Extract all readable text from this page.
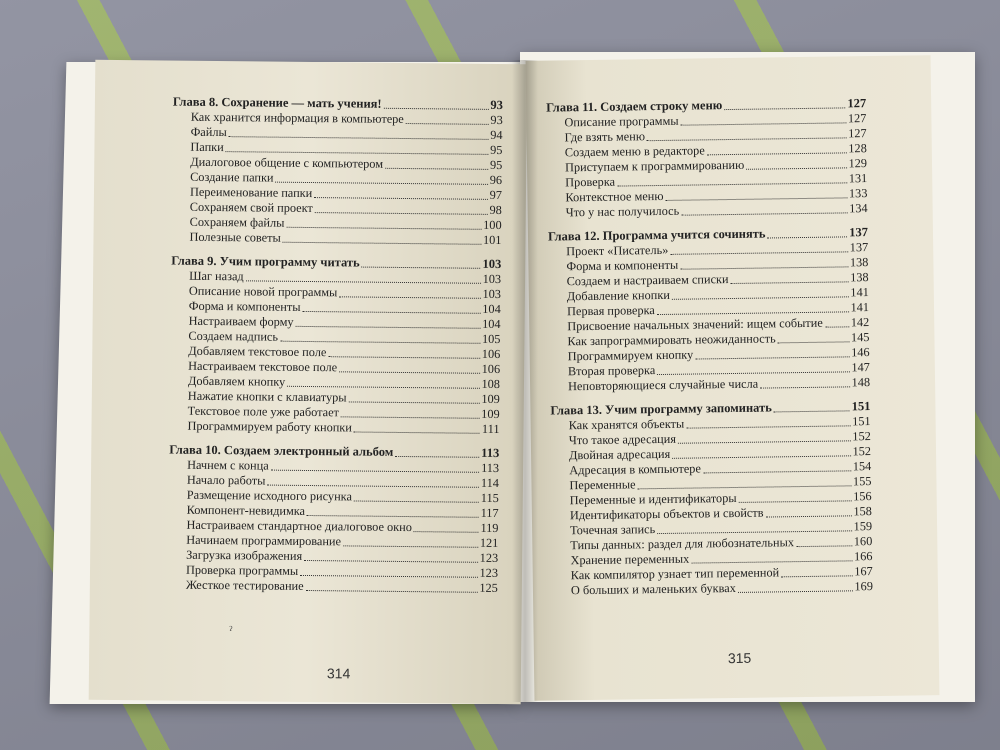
Глава 8. Сохранение — мать учения!	93
Как хранится информация в компьютере	93
Файлы	94
Папки	95
Диалоговое общение с компьютером	95
Создание папки	96
Переименование папки	97
Сохраняем свой проект	98
Сохраняем файлы	100
Полезные советы	101
Глава 9. Учим программу читать	103
Шаг назад	103
Описание новой программы	103
Форма и компоненты	104
Настраиваем форму	104
Создаем надпись	105
Добавляем текстовое поле	106
Настраиваем текстовое поле	106
Добавляем кнопку	108
Нажатие кнопки с клавиатуры	109
Текстовое поле уже работает	109
Программируем работу кнопки	111
Глава 10. Создаем электронный альбом	113
Начнем с конца	113
Начало работы	114
Размещение исходного рисунка	115
Компонент-невидимка	117
Настраиваем стандартное диалоговое окно	119
Начинаем программирование	121
Загрузка изображения	123
Проверка программы	123
Жесткое тестирование	125
ˀ
314
Глава 11. Создаем строку меню	127
Описание программы	127
Где взять меню	127
Создаем меню в редакторе	128
Приступаем к программированию	129
Проверка	131
Контекстное меню	133
Что у нас получилось	134
Глава 12. Программа учится сочинять	137
Проект «Писатель»	137
Форма и компоненты	138
Создаем и настраиваем списки	138
Добавление кнопки	141
Первая проверка	141
Присвоение начальных значений: ищем событие 142
Как запрограммировать неожиданность	145
Программируем кнопку	146
Вторая проверка	147
Неповторяющиеся случайные числа	148
Глава 13. Учим программу запоминать	151
Как хранятся объекты	151
Что такое адресация	152
Двойная адресация	152
Адресация в компьютере	154
Переменные	155
Переменные и идентификаторы	156
Идентификаторы объектов и свойств	158
Точечная запись	159
Типы данных: раздел для любознательных	160
Хранение переменных	166
Как компилятор узнает тип переменной	167
О больших и маленьких буквах	169
315
